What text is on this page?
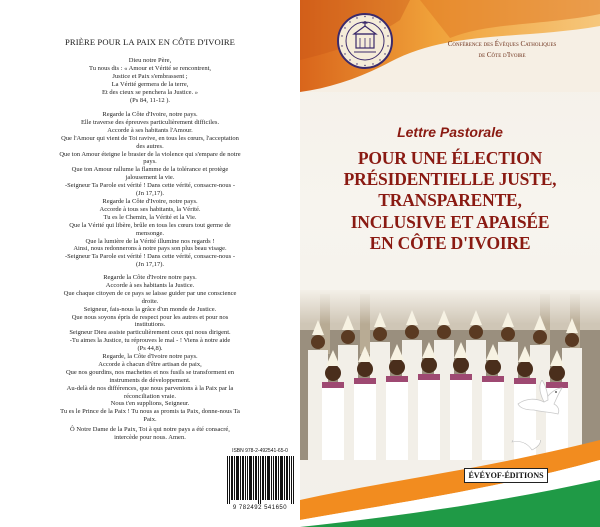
PRIÈRE POUR LA PAIX EN CÔTE D'IVOIRE
Dieu notre Père,
Tu nous dis : « Amour et Vérité se rencontrent,
Justice et Paix s'embrassent ;
La Vérité germera de la terre,
Et des cieux se penchera la Justice. »
(Ps 84, 11-12 ).
Regarde la Côte d'Ivoire, notre pays.
Elle traverse des épreuves particulièrement difficiles.
Accorde à ses habitants l'Amour.
Que l'Amour qui vient de Toi ravive, en tous les cœurs, l'acceptation
des autres.
Que ton Amour éteigne le brasier de la violence qui s'empare de notre
pays.
Que ton Amour rallume la flamme de la tolérance et protège
jalousement la vie.
-Seigneur Ta Parole est vérité ! Dans cette vérité, consacre-nous -
(Jn 17,17).
Regarde la Côte d'Ivoire, notre pays.
Accorde à tous ses habitants, la Vérité.
Tu es le Chemin, la Vérité et la Vie.
Que la Vérité qui libère, brûle en tous les cœurs tout germe de
mensonge.
Que la lumière de la Vérité illumine nos regards !
Ainsi, nous redonnerons à notre pays son plus beau visage.
-Seigneur Ta Parole est vérité ! Dans cette vérité, consacre-nous -
(Jn 17,17).
Regarde la Côte d'Ivoire notre pays.
Accorde à ses habitants la Justice.
Que chaque citoyen de ce pays se laisse guider par une conscience
droite.
Seigneur, fais-nous la grâce d'un monde de Justice.
Que nous soyons épris de respect pour les autres et pour nos
institutions.
Seigneur Dieu assiste particulièrement ceux qui nous dirigent.
-Tu aimes la Justice, tu réprouves le mal - ! Viens à notre aide
(Ps 44,8).
Regarde, la Côte d'Ivoire notre pays.
Accorde à chacun d'être artisan de paix,
Que nos gourdins, nos machettes et nos fusils se transforment en
instruments de développement.
Au-delà de nos différences, que nous parvenions à la Paix par la
réconciliation vraie.
Nous t'en supplions, Seigneur.
Tu es le Prince de la Paix ! Tu nous as promis ta Paix, donne-nous Ta
Paix.
Ô Notre Dame de la Paix, Toi à qui notre pays a été consacré,
intercède pour nous. Amen.
ISBN 978-2-492541-65-0
9 782492 541650
Conférence des Évêques Catholiques
de Côte d'Ivoire
Lettre Pastorale
POUR UNE ÉLECTION
PRÉSIDENTIELLE JUSTE,
TRANSPARENTE,
INCLUSIVE ET APAISÉE
EN CÔTE D'IVOIRE
ÉVÉYOF-ÉDITIONS
